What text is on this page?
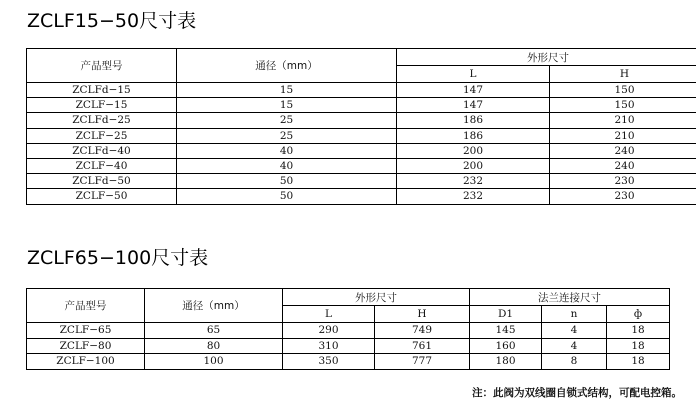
ZCLF15−50尺寸表
产品型号	通径（mm）	外形尺寸	
		L	H
ZCLFd−15	15	147	150
ZCLF−15	15	147	150
ZCLFd−25	25	186	210
ZCLF−25	25	186	210
ZCLFd−40	40	200	240
ZCLF−40	40	200	240
ZCLFd−50	50	232	230
ZCLF−50	50	232	230
ZCLF65−100尺寸表
产品型号	通径（mm）	外形尺寸		法兰连接尺寸		
		L	H	D1	n	ф
ZCLF−65	65	290	749	145	4	18
ZCLF−80	80	310	761	160	4	18
ZCLF−100	100	350	777	180	8	18
注：此阀为双线圈自锁式结构，可配电控箱。
